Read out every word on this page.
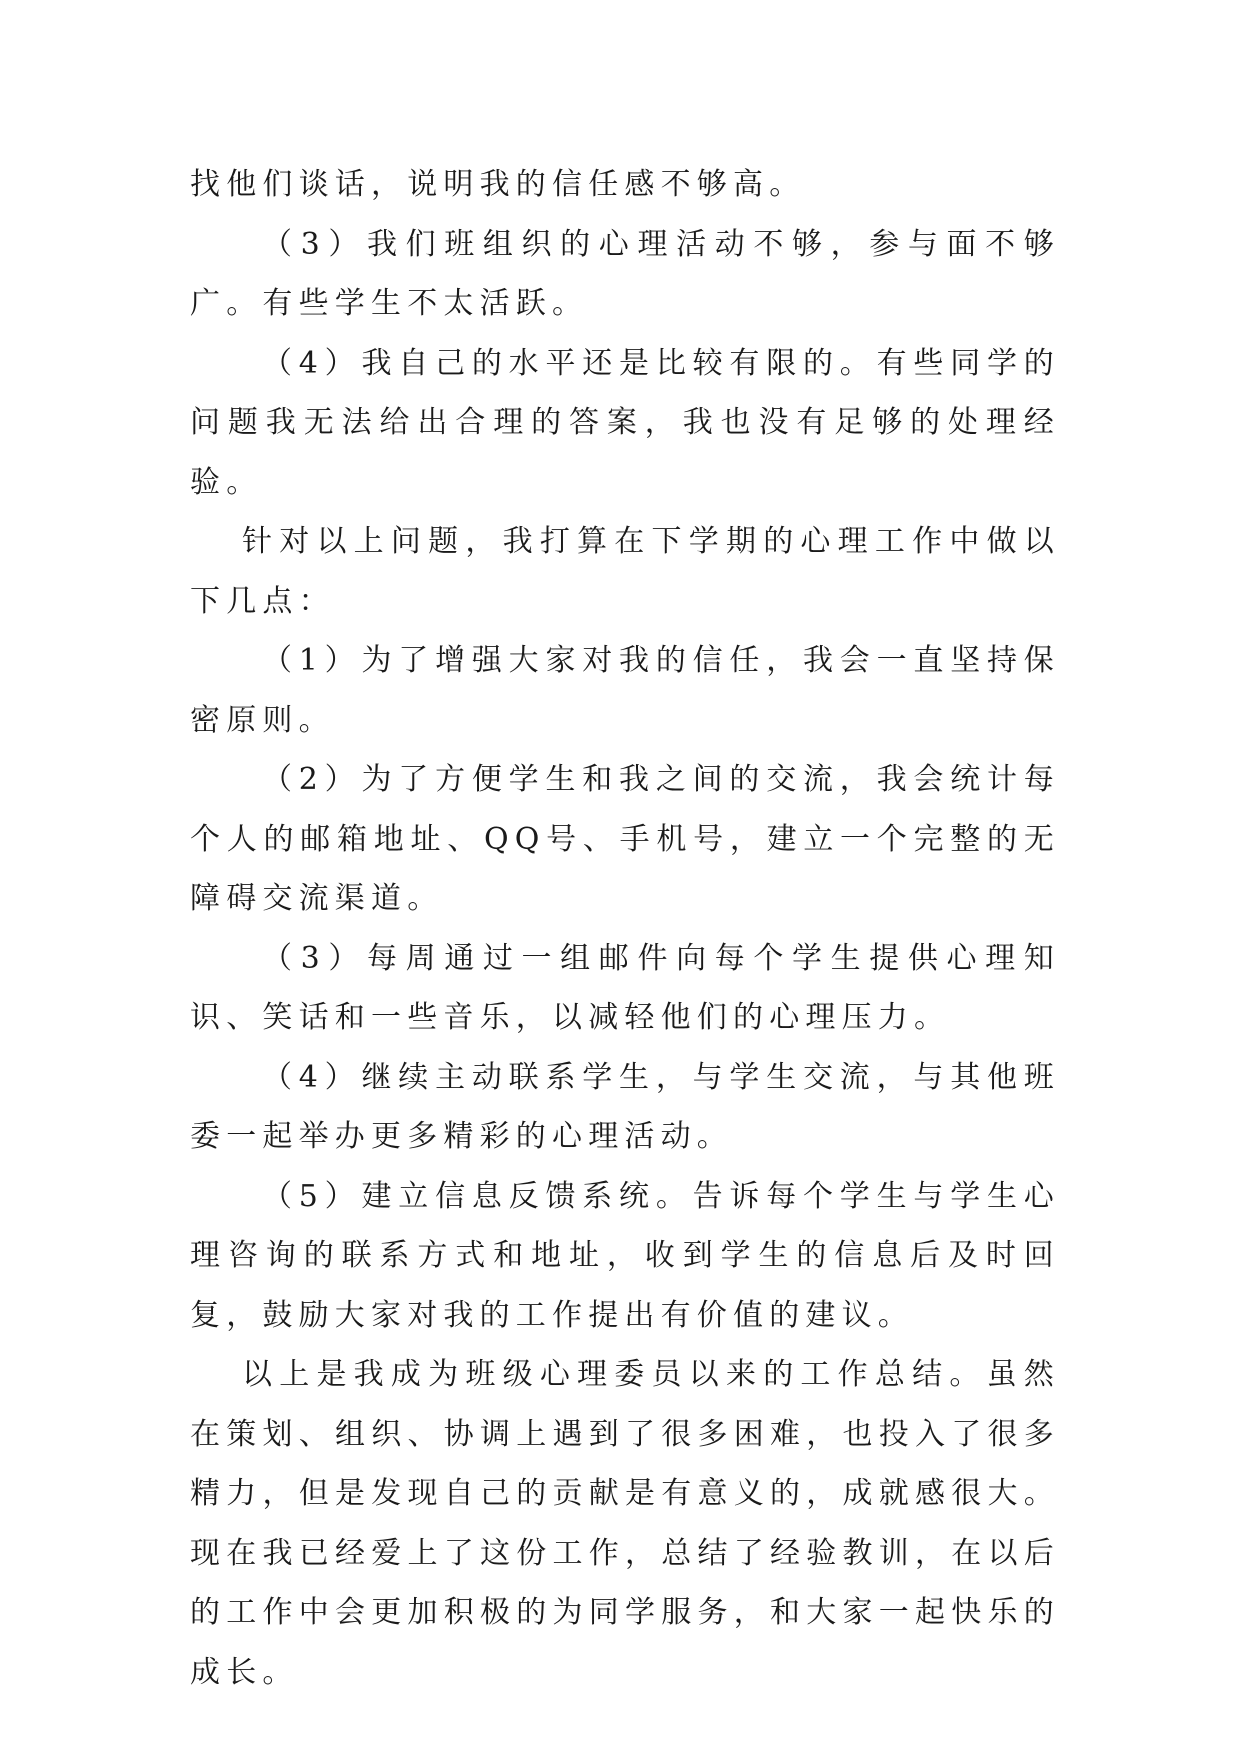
找他们谈话，说明我的信任感不够高。

（3）我们班组织的心理活动不够，参与面不够广。有些学生不太活跃。

（4）我自己的水平还是比较有限的。有些同学的问题我无法给出合理的答案，我也没有足够的处理经验。

针对以上问题，我打算在下学期的心理工作中做以下几点：

（1）为了增强大家对我的信任，我会一直坚持保密原则。

（2）为了方便学生和我之间的交流，我会统计每个人的邮箱地址、QQ号、手机号，建立一个完整的无障碍交流渠道。

（3）每周通过一组邮件向每个学生提供心理知识、笑话和一些音乐，以减轻他们的心理压力。

（4）继续主动联系学生，与学生交流，与其他班委一起举办更多精彩的心理活动。

（5）建立信息反馈系统。告诉每个学生与学生心理咨询的联系方式和地址，收到学生的信息后及时回复，鼓励大家对我的工作提出有价值的建议。

以上是我成为班级心理委员以来的工作总结。虽然在策划、组织、协调上遇到了很多困难，也投入了很多精力，但是发现自己的贡献是有意义的，成就感很大。现在我已经爱上了这份工作，总结了经验教训，在以后的工作中会更加积极的为同学服务，和大家一起快乐的成长。
